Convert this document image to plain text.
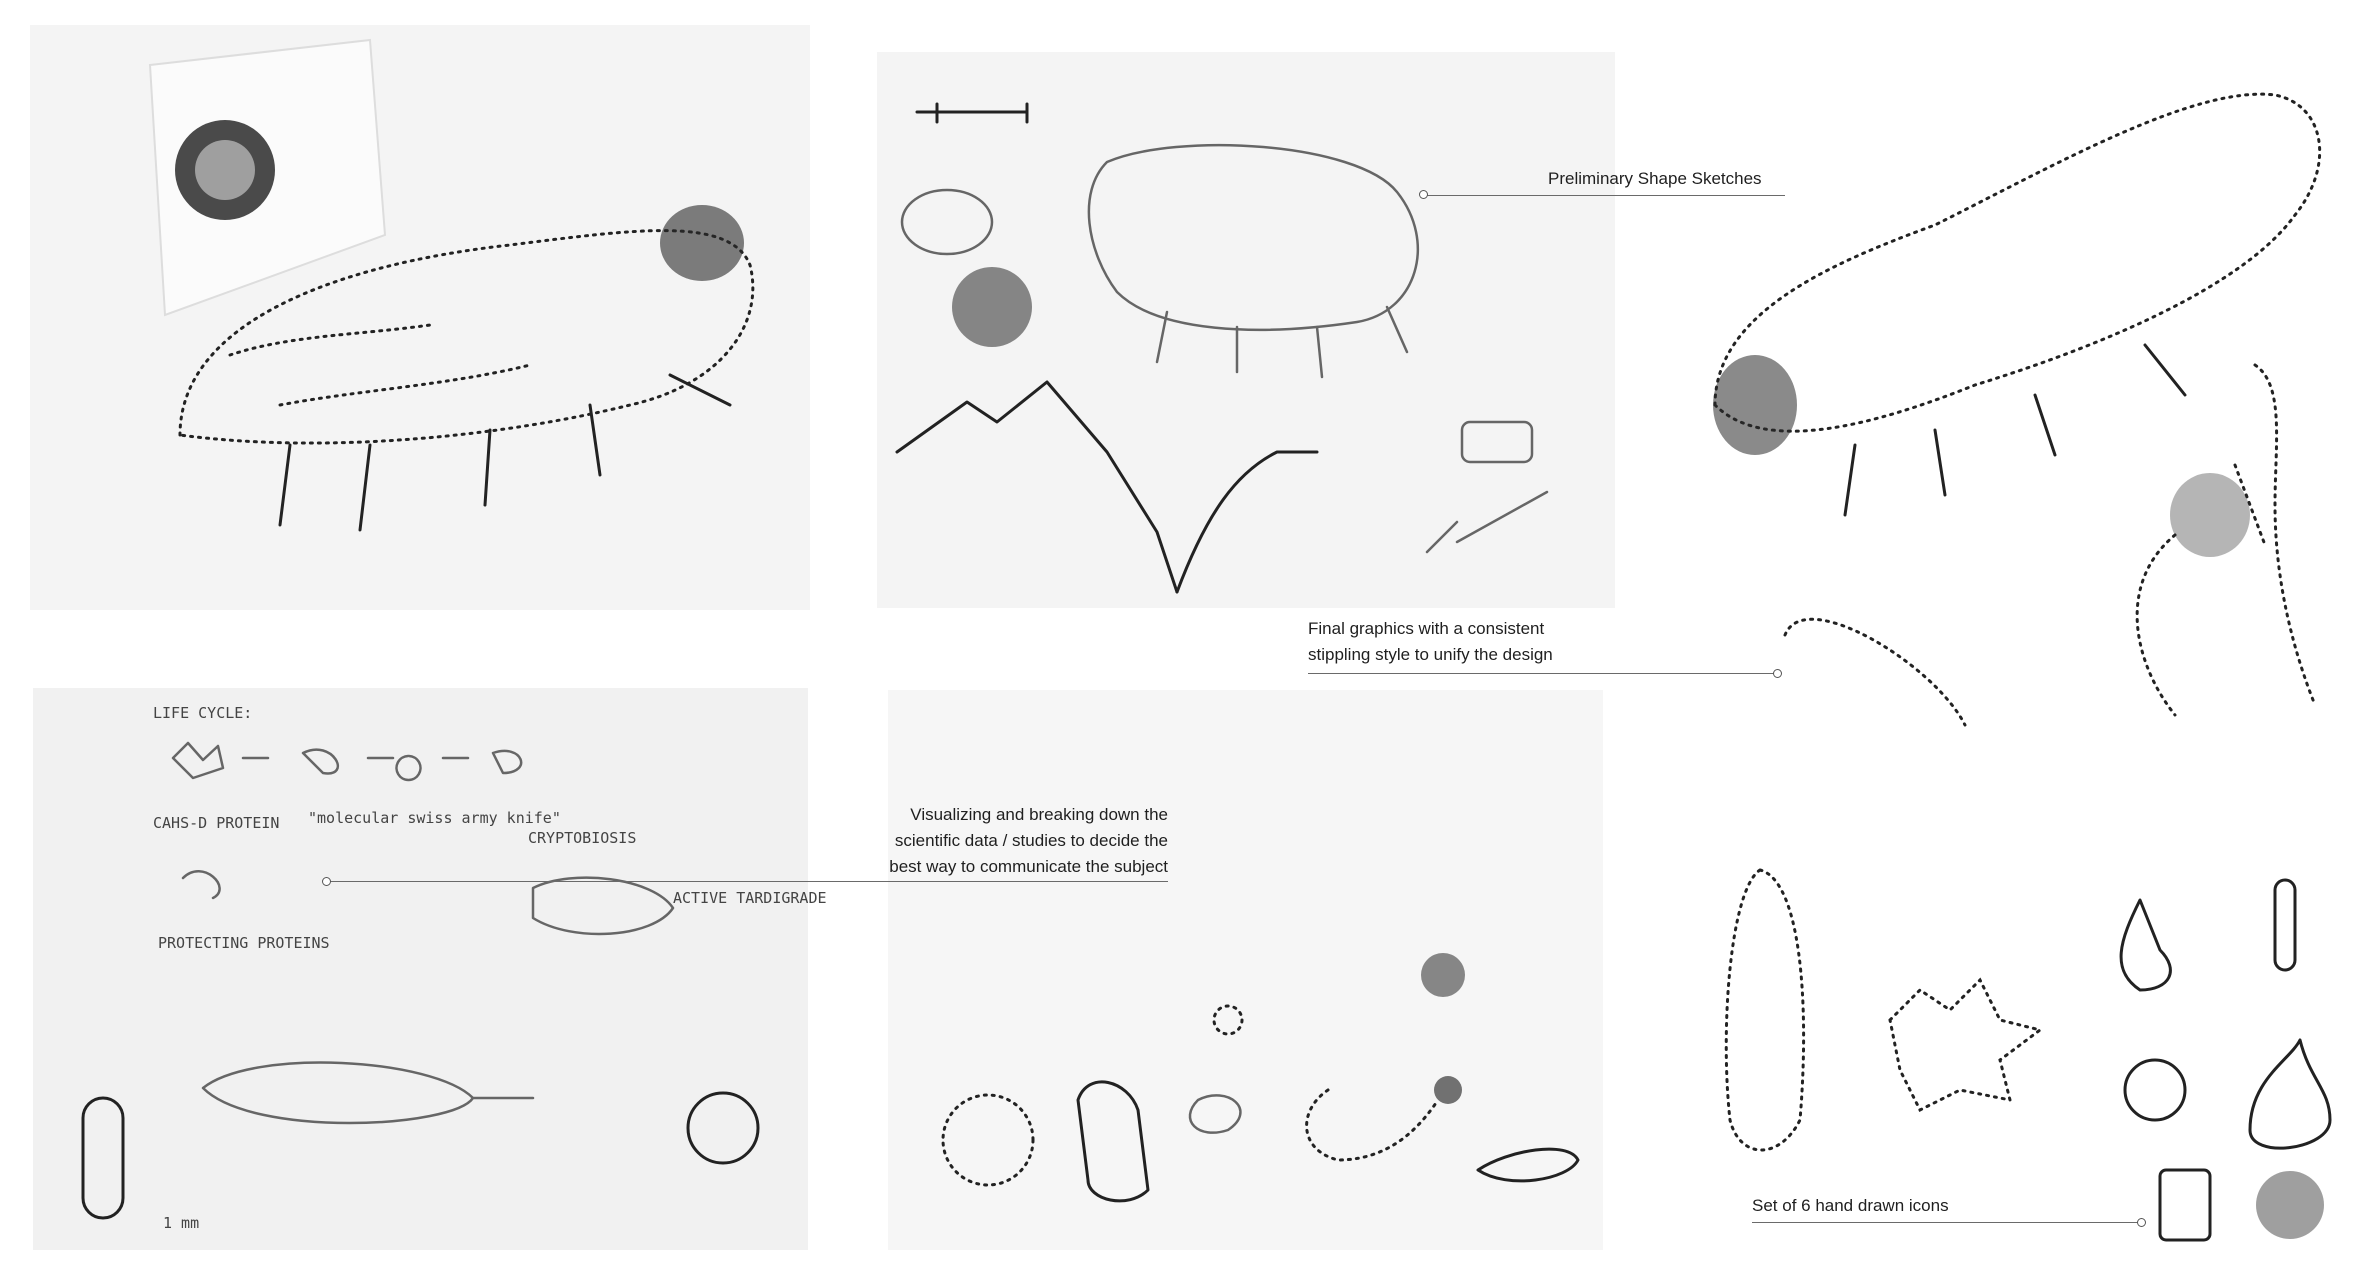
LIFE CYCLE:
CAHS-D PROTEIN "molecular swiss army knife"
CRYPTOBIOSIS
ACTIVE TARDIGRADE
PROTECTING PROTEINS
1 mm
Preliminary Shape Sketches
Final graphics with a consistent
stippling style to unify the design
Visualizing and breaking down the
scientific data / studies to decide the
best way to communicate the subject
Set of 6 hand drawn icons
